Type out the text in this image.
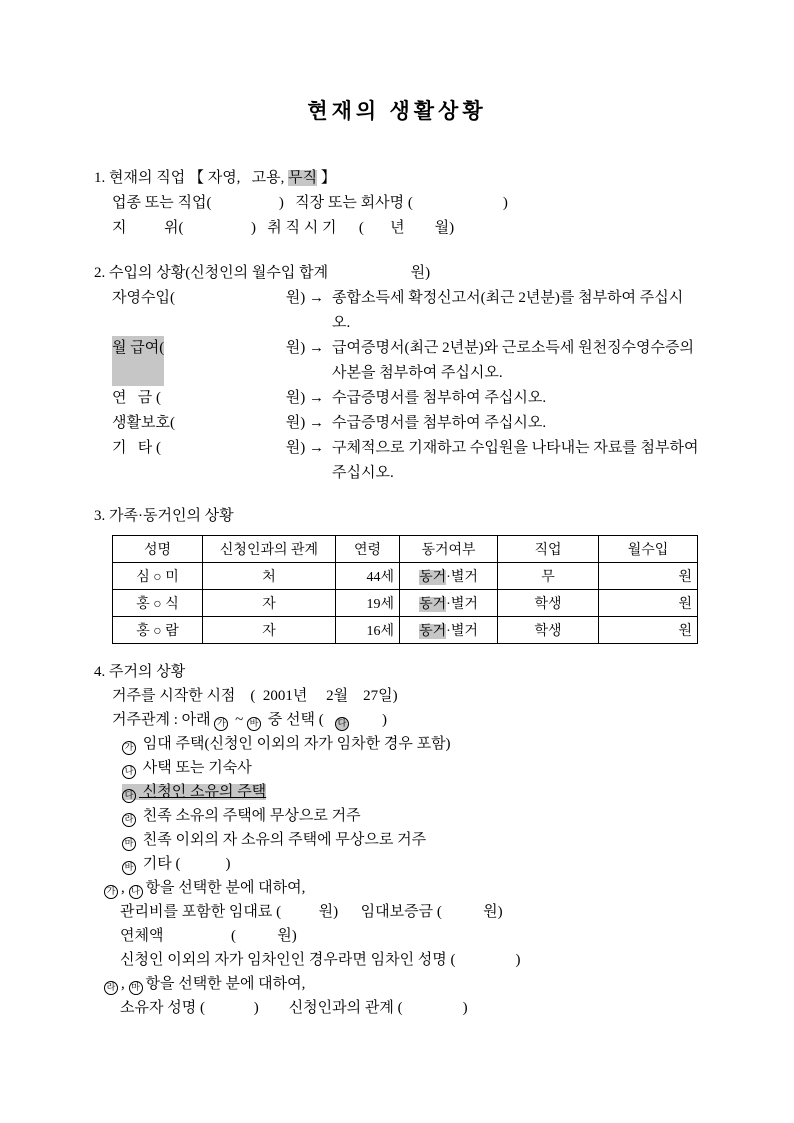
현재의 생활상황
1. 현재의 직업 【 자영,   고용, 무직 】
업종 또는 직업(                  )   직장 또는 회사명 (                        )
지          위(                  )   취 직 시 기      (       년        월)
2. 수입의 상황(신청인의 월수입 합계                      원)
자영수입(	원) → 종합소득세 확정신고서(최근 2년분)를 첨부하여 주십시오.
월 급여(	원) → 급여증명서(최근 2년분)와 근로소득세 원천징수영수증의 사본을 첨부하여 주십시오.
연   금 (	원) → 수급증명서를 첨부하여 주십시오.
생활보호(	원) → 수급증명서를 첨부하여 주십시오.
기   타 (	원) → 구체적으로 기재하고 수입원을 나타내는 자료를 첨부하여 주십시오.
3. 가족·동거인의 상황
성명	신청인과의 관계	연령	동거여부	직업	월수입
심 ○ 미	처	44세	동거·별거	무	원
홍 ○ 식	자	19세	동거·별거	학생	원
홍 ○ 람	자	16세	동거·별거	학생	원
4. 주거의 상황
거주를 시작한 시점    (  2001년     2월    27일)
거주관계 : 아래 가 ~ 바 중 선택 (   다        )
가 임대 주택(신청인 이외의 자가 임차한 경우 포함)
나 사택 또는 기숙사
다 신청인 소유의 주택
라 친족 소유의 주택에 무상으로 거주
마 친족 이외의 자 소유의 주택에 무상으로 거주
바 기타 (            )
가 , 나 항을 선택한 분에 대하여,
관리비를 포함한 임대료 (          원)      임대보증금 (           원)
연체액                  (           원)
신청인 이외의 자가 임차인인 경우라면 임차인 성명 (                )
라 , 마 항을 선택한 분에 대하여,
소유자 성명 (             )        신청인과의 관계 (                )
